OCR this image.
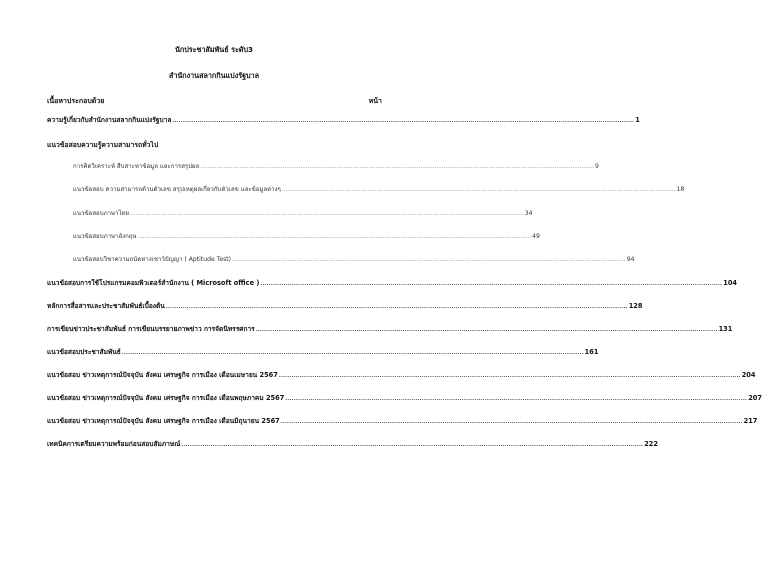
นักประชาสัมพันธ์ ระดับ3
สำนักงานสลากกินแบ่งรัฐบาล
เนื้อหาประกอบด้วย	หน้า
ความรู้เกี่ยวกับสำนักงานสลากกินแบ่งรัฐบาล ............................................................................................................................................................................................................................ 1
แนวข้อสอบความรู้ความสามารถทั่วไป
การคิดวิเคราะห์ สืบสาะหาข้อมูล และการสรุปผล ............................................................................................................................................................................................................................ 9
แนวข้อสอบ ความสามารถด้านตัวเลข สรุปเหตุผลเกี่ยวกับตัวเลข และข้อมูลต่างๆ ............................................................................................................................................................................................................................ 18
แนวข้อสอบภาษาไทย ............................................................................................................................................................................................................................ 34
แนวข้อสอบภาษาอังกฤษ ............................................................................................................................................................................................................................ 49
แนวข้อสอบวิชาความถนัดทางเชาว์ปัญญา ( Aptitude Test) ............................................................................................................................................................................................................................ 94
แนวข้อสอบการใช้โปรแกรมคอมพิวเตอร์สำนักงาน ( Microsoft office ) ............................................................................................................................................................................................................................ 104
หลักการสื่อสารและประชาสัมพันธ์เบื้องต้น ............................................................................................................................................................................................................................ 128
การเขียนข่าวประชาสัมพันธ์ การเขียนบรรยายภาพข่าว การจัดนิทรรศการ ............................................................................................................................................................................................................................ 131
แนวข้อสอบประชาสัมพันธ์ ............................................................................................................................................................................................................................ 161
แนวข้อสอบ ข่าวเหตุการณ์ปัจจุบัน สังคม เศรษฐกิจ การเมือง เดือนเมษายน 2567 ............................................................................................................................................................................................................................ 204
แนวข้อสอบ ข่าวเหตุการณ์ปัจจุบัน สังคม เศรษฐกิจ การเมือง เดือนพฤษภาคม 2567 ............................................................................................................................................................................................................................ 207
แนวข้อสอบ ข่าวเหตุการณ์ปัจจุบัน สังคม เศรษฐกิจ การเมือง เดือนมิถุนายน 2567 ............................................................................................................................................................................................................................ 217
เทคนิคการเตรียมความพร้อมก่อนสอบสัมภาษณ์ ............................................................................................................................................................................................................................ 222
